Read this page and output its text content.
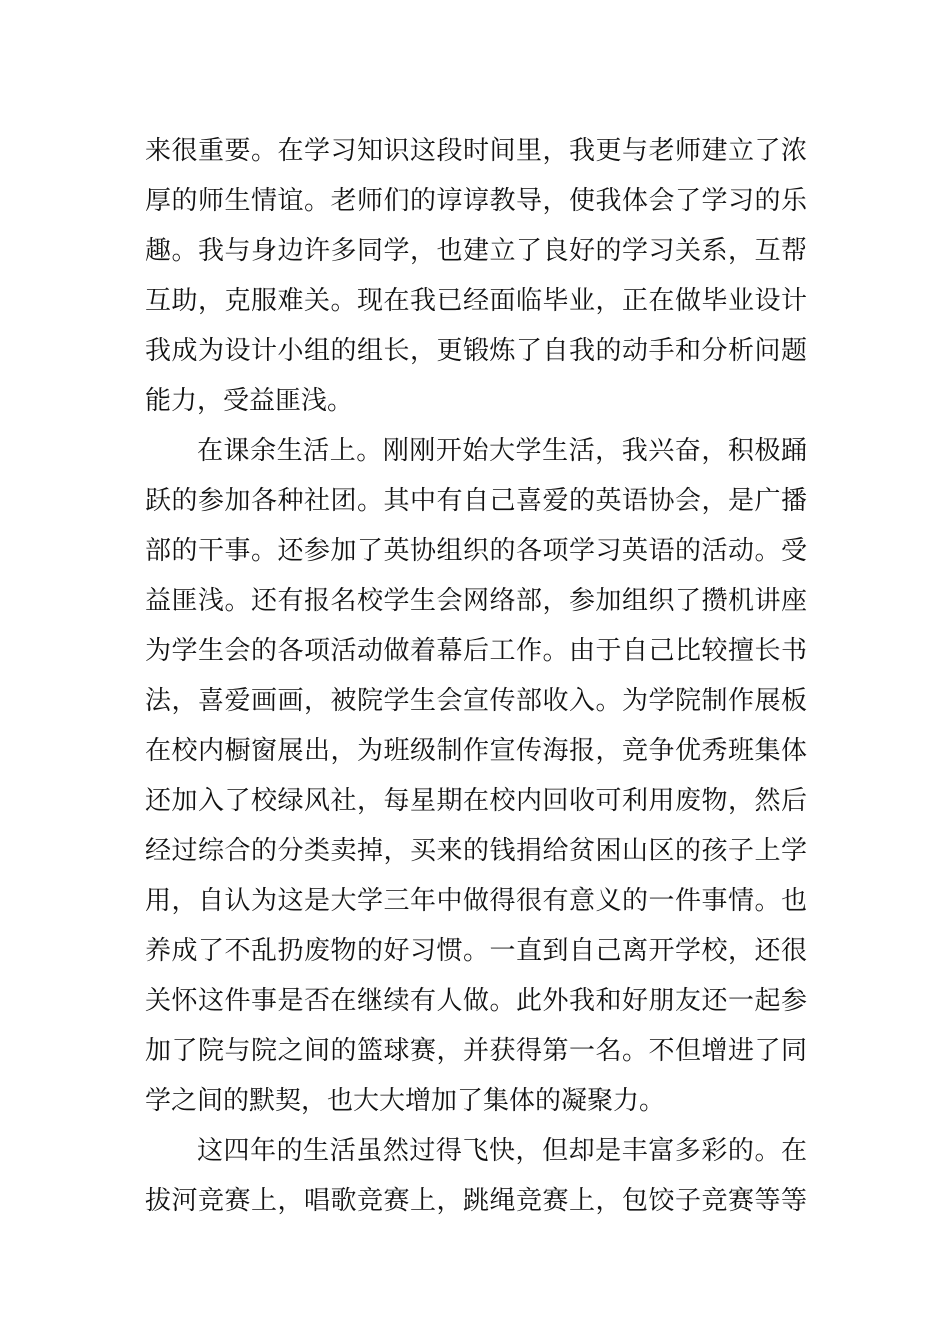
来很重要。在学习知识这段时间里，我更与老师建立了浓
厚的师生情谊。老师们的谆谆教导，使我体会了学习的乐
趣。我与身边许多同学，也建立了良好的学习关系，互帮
互助，克服难关。现在我已经面临毕业，正在做毕业设计
我成为设计小组的组长，更锻炼了自我的动手和分析问题
能力，受益匪浅。
在课余生活上。刚刚开始大学生活，我兴奋，积极踊
跃的参加各种社团。其中有自己喜爱的英语协会，是广播
部的干事。还参加了英协组织的各项学习英语的活动。受
益匪浅。还有报名校学生会网络部，参加组织了攒机讲座
为学生会的各项活动做着幕后工作。由于自己比较擅长书
法，喜爱画画，被院学生会宣传部收入。为学院制作展板
在校内橱窗展出，为班级制作宣传海报，竞争优秀班集体
还加入了校绿风社，每星期在校内回收可利用废物，然后
经过综合的分类卖掉，买来的钱捐给贫困山区的孩子上学
用，自认为这是大学三年中做得很有意义的一件事情。也
养成了不乱扔废物的好习惯。一直到自己离开学校，还很
关怀这件事是否在继续有人做。此外我和好朋友还一起参
加了院与院之间的篮球赛，并获得第一名。不但增进了同
学之间的默契，也大大增加了集体的凝聚力。
这四年的生活虽然过得飞快，但却是丰富多彩的。在
拔河竞赛上，唱歌竞赛上，跳绳竞赛上，包饺子竞赛等等
